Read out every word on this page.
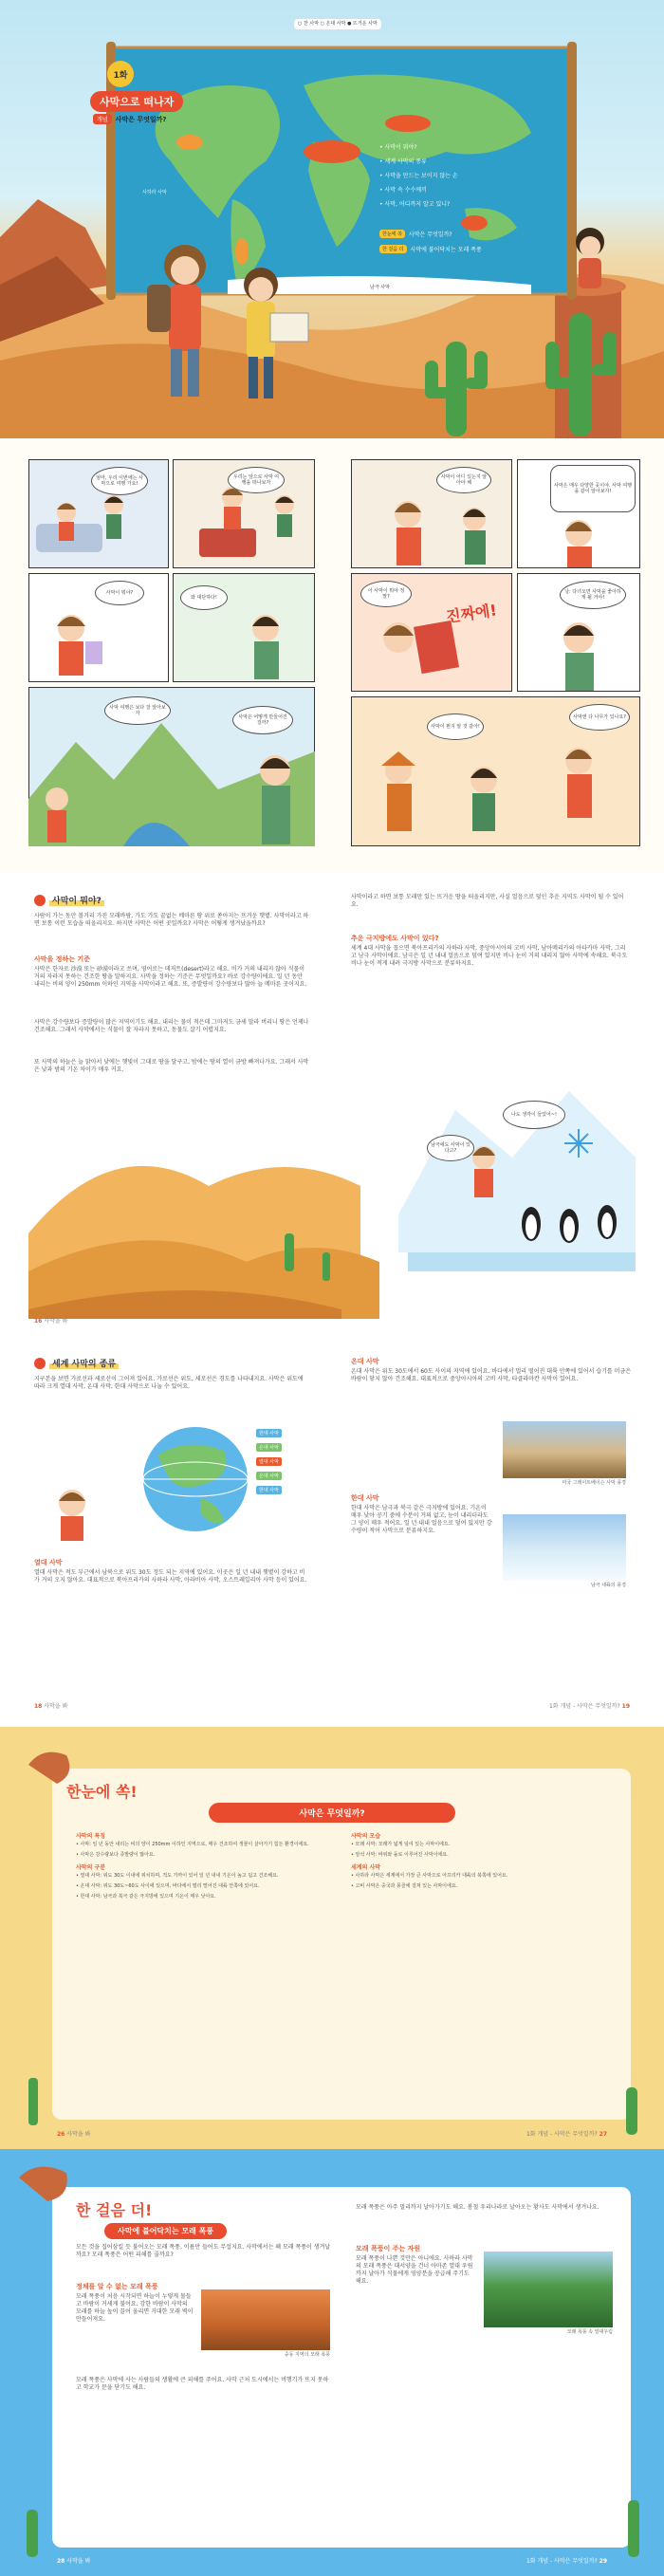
○ 찬 사막 ○ 온대 사막 ● 뜨거운 사막
1화
사막으로 떠나자
개념	사막은 무엇일까?
사하라 사막
남극 사막
• 사막이 뭐야?
• 세계 사막의 종류
• 사막을 만드는 보이지 않는 손
• 사막 속 수수께끼
• 사막, 어디까지 알고 있니?
한눈에 쏙	사막은 무엇일까?
한 걸음 더	사막에 불어닥치는 모래 폭풍
엄마, 우리 이번에는 사막으로 여행 가요!
우리는 앞으로 사막 여행을 떠나보자
사막이 뭐야?
와 대단하다!
사막 여행은 보다 잘 알아보자
사막은 어떻게 만들어진 걸까?
사막이 어디 있는지 알아야 해	사막은 매우 다양한 곳이야. 사막 여행을 같이 알아보자!
이 사막이 뭐야 정말?
진짜에!
낭: 다녀오면 사막을 좋아하게 될 거야!
사막이 뭔지 알 것 같아!
사막엔 다 나무가 있나요?
사막이 뭐야?

사람이 가는 동안 볼거리 가진 모래바람, 가도 가도 끝없는 메마른 땅 위로 쏟아지는 뜨거운 햇볕. 사막이라고 하면 보통 이런 모습을 떠올리지요. 하지만 사막은 어떤 곳일까요? 사막은 어떻게 생겨났을까요?

사막을 정하는 기준

사막은 한자로 沙漠 또는 砂漠이라고 쓰며, 영어로는 데저트(desert)라고 해요. 비가 거의 내리지 않아 식물이 거의 자라지 못하는 건조한 땅을 말하지요. 사막을 정하는 기준은 무엇일까요? 바로 강수량이에요. 일 년 동안 내리는 비의 양이 250mm 이하인 지역을 사막이라고 해요. 또, 증발량이 강수량보다 많아 늘 메마른 곳이지요.

사막은 강수량보다 증발량이 많은 지역이기도 해요. 내리는 물이 적은데 그마저도 금세 말라 버리니 땅은 언제나 건조해요. 그래서 사막에서는 식물이 잘 자라지 못하고, 동물도 살기 어렵지요.

또 사막의 하늘은 늘 맑아서 낮에는 햇빛이 그대로 땅을 달구고, 밤에는 땅의 열이 금방 빠져나가요. 그래서 사막은 낮과 밤의 기온 차이가 매우 커요.

사막이라고 하면 보통 모래만 있는 뜨거운 땅을 떠올리지만, 사실 얼음으로 덮인 추운 지역도 사막이 될 수 있어요.

추운 극지방에도 사막이 있다?

세계 4대 사막을 꼽으면 북아프리카의 사하라 사막, 중앙아시아의 고비 사막, 남아메리카의 아타카마 사막, 그리고 남극 사막이에요. 남극은 일 년 내내 얼음으로 덮여 있지만 비나 눈이 거의 내리지 않아 사막에 속해요. 북극도 비나 눈이 적게 내려 극지방 사막으로 분류하지요.

나도 생각이 들었어~!
남극에도 사막이 있다고?
16 사막을 봐
세계 사막의 종류

지구본을 보면 가로선과 세로선이 그어져 있어요. 가로선은 위도, 세로선은 경도를 나타내지요. 사막은 위도에 따라 크게 열대 사막, 온대 사막, 한대 사막으로 나눌 수 있어요.

한대 사막
온대 사막
열대 사막
온대 사막
한대 사막
열대 사막

열대 사막은 적도 부근에서 남북으로 위도 30도 정도 되는 지역에 있어요. 이곳은 일 년 내내 햇볕이 강하고 비가 거의 오지 않아요. 대표적으로 북아프리카의 사하라 사막, 아라비아 사막, 오스트레일리아 사막 등이 있어요.

온대 사막

온대 사막은 위도 30도에서 60도 사이의 지역에 있어요. 바다에서 멀리 떨어진 대륙 안쪽에 있어서 습기를 머금은 바람이 닿지 않아 건조해요. 대표적으로 중앙아시아의 고비 사막, 타클라마칸 사막이 있어요.

미국 그레이트베이슨 사막 풍경
한대 사막

한대 사막은 남극과 북극 같은 극지방에 있어요. 기온이 매우 낮아 공기 중에 수분이 거의 없고, 눈이 내리더라도 그 양이 매우 적어요. 일 년 내내 얼음으로 덮여 있지만 강수량이 적어 사막으로 분류하지요.

남극 대륙의 풍경
18 사막을 봐	1화 개념 - 사막은 무엇일까? 19
한눈에 쏙!
사막은 무엇일까?
사막의 특징

• 사막: 일 년 동안 내리는 비의 양이 250mm 이하인 지역으로, 매우 건조하여 생물이 살아가기 힘든 환경이에요.

• 사막은 강수량보다 증발량이 많아요.

사막의 구분

• 열대 사막: 위도 30도 이내에 위치하며, 적도 가까이 있어 일 년 내내 기온이 높고 덥고 건조해요.

• 온대 사막: 위도 30도~60도 사이에 있으며, 바다에서 멀리 떨어진 대륙 안쪽에 있어요.

• 한대 사막: 남극과 북극 같은 극지방에 있으며 기온이 매우 낮아요.

사막의 모습

• 모래 사막: 모래가 넓게 덮여 있는 사막이에요.

• 암석 사막: 바위와 돌로 이루어진 사막이에요.

세계의 사막

• 사하라 사막은 세계에서 가장 큰 사막으로 아프리카 대륙의 북쪽에 있어요.

• 고비 사막은 중국과 몽골에 걸쳐 있는 사막이에요.

26 사막을 봐	1화 개념 - 사막은 무엇일까? 27
한 걸음 더!
사막에 불어닥치는 모래 폭풍

모든 것을 집어삼킬 듯 불어오는 모래 폭풍, 이름만 들어도 무섭지요. 사막에서는 왜 모래 폭풍이 생겨날까요? 모래 폭풍은 어떤 피해를 줄까요?

정체를 알 수 없는 모래 폭풍

모래 폭풍이 처음 시작되면 하늘이 누렇게 물들고 바람이 거세게 불어요. 강한 바람이 사막의 모래를 하늘 높이 끌어 올리면 거대한 모래 벽이 만들어져요.

중동 지역의 모래 폭풍

모래 폭풍은 사막에 사는 사람들의 생활에 큰 피해를 주어요. 사막 근처 도시에서는 비행기가 뜨지 못하고 학교가 문을 닫기도 해요.

모래 폭풍은 아주 멀리까지 날아가기도 해요. 봄철 우리나라로 날아오는 황사도 사막에서 생겨나요.

모래 폭풍이 주는 자원

모래 폭풍이 나쁜 것만은 아니에요. 사하라 사막의 모래 폭풍은 대서양을 건너 아마존 열대 우림까지 날아가 식물에게 영양분을 공급해 주기도 해요.

모래 폭풍 속 열대우림
28 사막을 봐	1화 개념 - 사막은 무엇일까? 29
